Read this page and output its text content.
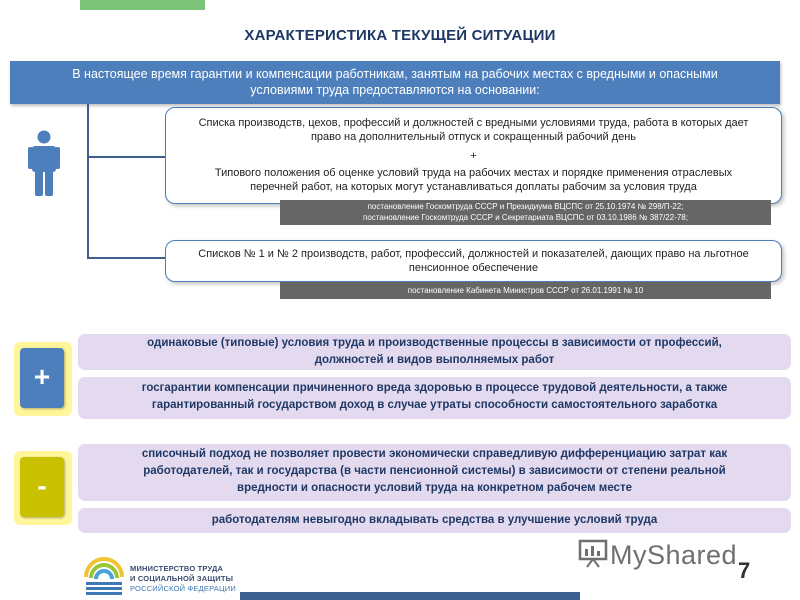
ХАРАКТЕРИСТИКА ТЕКУЩЕЙ СИТУАЦИИ
В настоящее время гарантии и компенсации работникам, занятым на рабочих местах с вредными и опасными
условиями труда предоставляются на основании:
Списка производств, цехов, профессий и должностей с вредными условиями труда, работа в которых дает
право на дополнительный отпуск и сокращенный рабочий день
+
Типового положения об оценке условий труда на рабочих местах и порядке применения отраслевых
перечней работ, на которых могут устанавливаться доплаты рабочим за условия труда
постановление Госкомтруда СССР и Президиума ВЦСПС от 25.10.1974 № 298/П-22;
постановление Госкомтруда СССР и Секретариата ВЦСПС от 03.10.1986 № 387/22-78;
Списков № 1 и № 2 производств, работ, профессий, должностей и показателей, дающих право на льготное
пенсионное обеспечение
постановление Кабинета Министров СССР от 26.01.1991 № 10
+
одинаковые (типовые) условия труда и производственные процессы в зависимости от профессий,
должностей и видов выполняемых работ
госгарантии компенсации причиненного вреда здоровью в процессе трудовой деятельности, а также
гарантированный государством доход в случае утраты способности самостоятельного заработка
-
списочный подход не позволяет провести экономически справедливую дифференциацию затрат как
работодателей, так и государства (в части пенсионной системы) в зависимости от степени реальной
вредности и опасности условий труда на конкретном рабочем месте
работодателям невыгодно вкладывать средства в улучшение условий труда
МИНИСТЕРСТВО ТРУДА
И СОЦИАЛЬНОЙ ЗАЩИТЫ
РОССИЙСКОЙ ФЕДЕРАЦИИ
MyShared
7
